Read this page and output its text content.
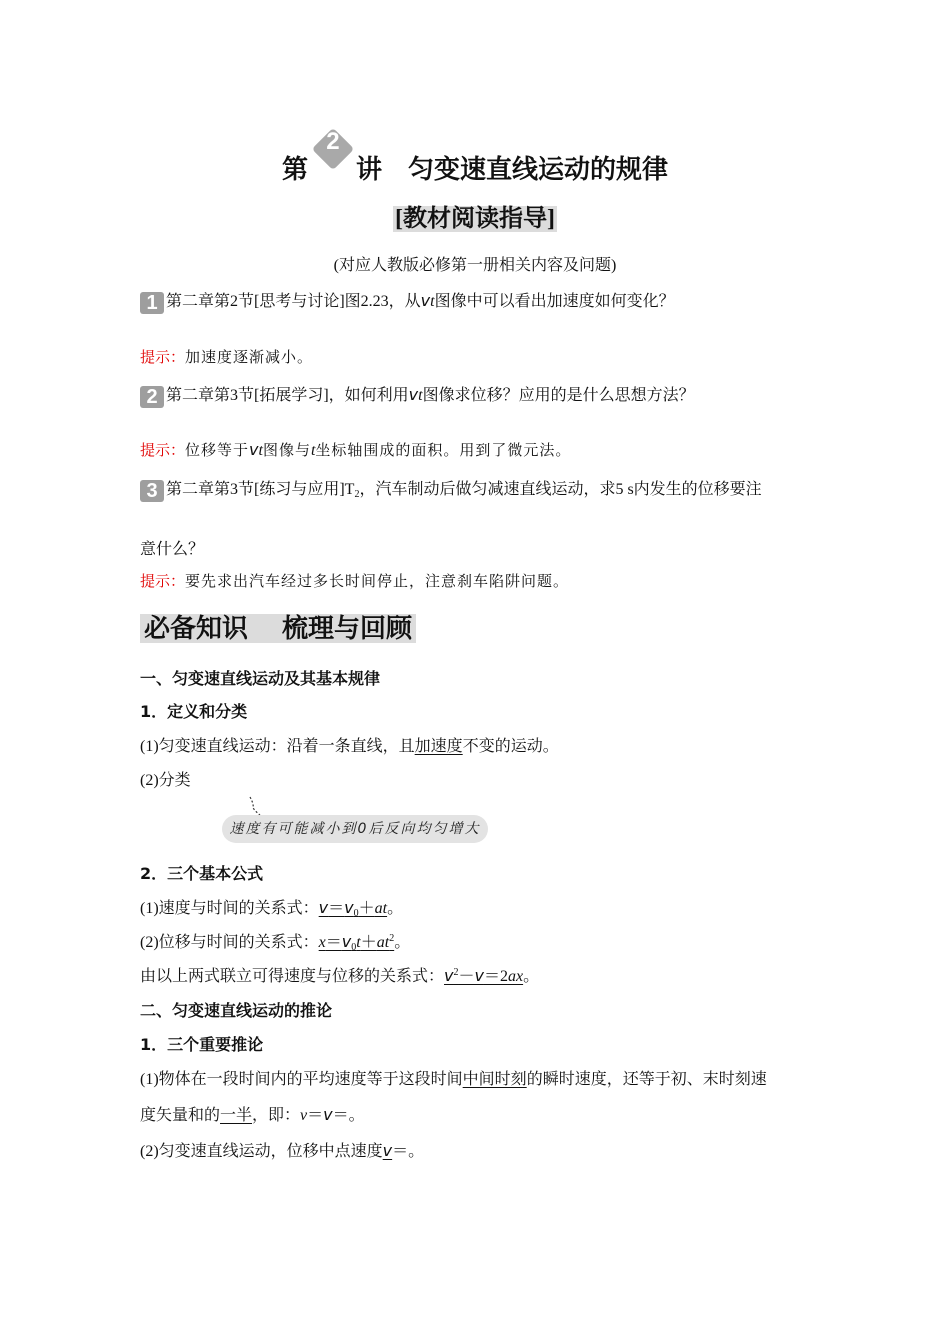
第
2
讲 匀变速直线运动的规律
[教材阅读指导]
(对应人教版必修第一册相关内容及问题)
1 第二章第2节[思考与讨论]图2.23，从vt图像中可以看出加速度如何变化？
提示：加速度逐渐减小。
2 第二章第3节[拓展学习]，如何利用vt图像求位移？应用的是什么思想方法？
提示：位移等于vt图像与t坐标轴围成的面积。用到了微元法。
3 第二章第3节[练习与应用]$T_2$，汽车制动后做匀减速直线运动，求5 s内发生的位移要注
意什么？
提示：要先求出汽车经过多长时间停止，注意刹车陷阱问题。
必备知识 梳理与回顾
一、匀变速直线运动及其基本规律
1．定义和分类
(1)匀变速直线运动：沿着一条直线，且加速度不变的运动。
(2)分类
速度有可能减小到0后反向均匀增大
2．三个基本公式
(1)速度与时间的关系式：$v=v_0+at$。
(2)位移与时间的关系式：$x=v_0t+at^2$。
由以上两式联立可得速度与位移的关系式：$v^2-v=2ax$。
二、匀变速直线运动的推论
1．三个重要推论
(1)物体在一段时间内的平均速度等于这段时间中间时刻的瞬时速度，还等于初、末时刻速
度矢量和的一半，即：v＝v＝。
(2)匀变速直线运动，位移中点速度v＝。
